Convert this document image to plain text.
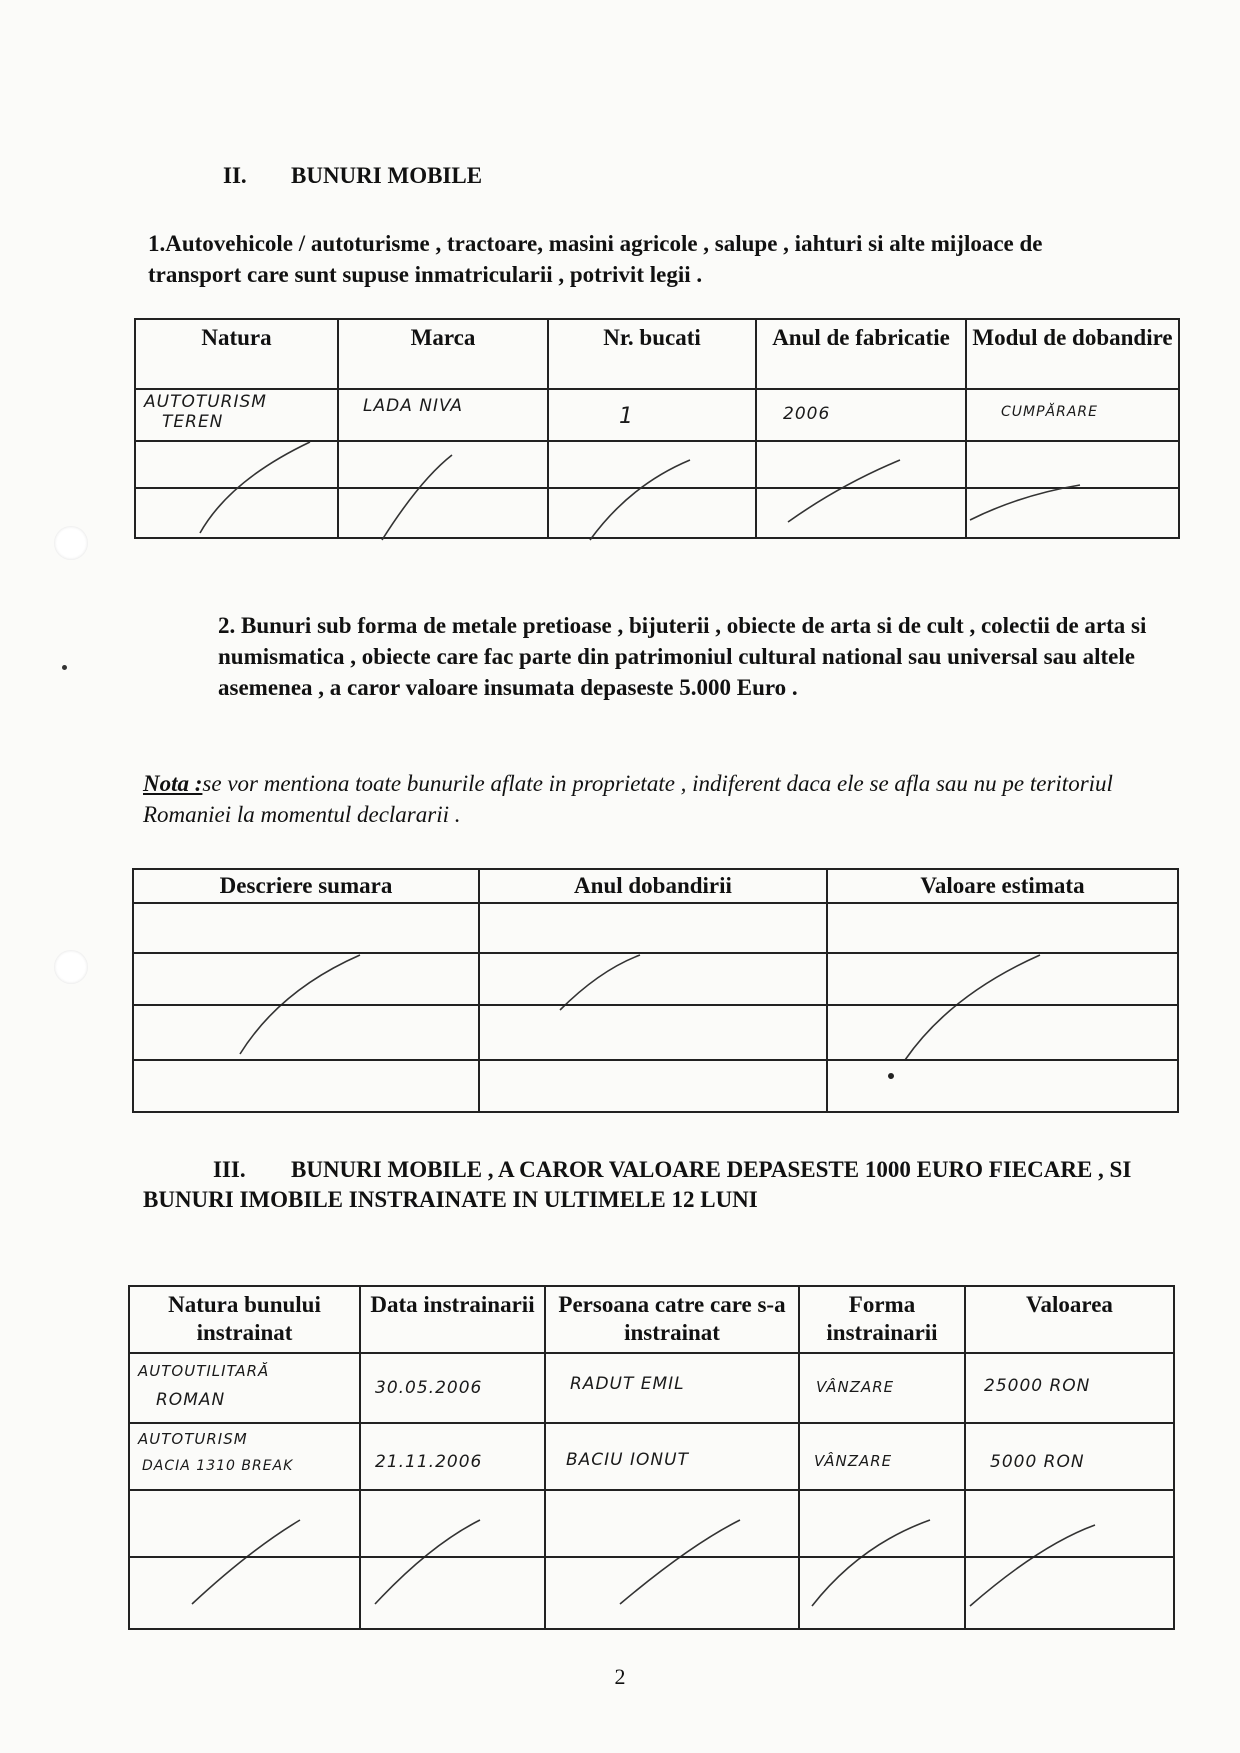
II. BUNURI MOBILE
1.Autovehicole / autoturisme , tractoare, masini agricole , salupe , iahturi si alte mijloace de transport care sunt supuse inmatricularii , potrivit legii .
Natura	Marca	Nr. bucati	Anul de fabricatie	Modul de dobandire

AUTOTURISM
TEREN	LADA NIVA	1	2006	CUMPĂRARE

2. Bunuri sub forma de metale pretioase , bijuterii , obiecte de arta si de cult , colectii de arta si numismatica , obiecte care fac parte din patrimoniul cultural national sau universal sau altele asemenea , a caror valoare insumata depaseste 5.000 Euro .
Nota :se vor mentiona toate bunurile aflate in proprietate , indiferent daca ele se afla sau nu pe teritoriul Romaniei la momentul declararii .
Descriere sumara	Anul dobandirii	Valoare estimata

III. BUNURI MOBILE , A CAROR VALOARE DEPASESTE 1000 EURO FIECARE , SI BUNURI IMOBILE INSTRAINATE IN ULTIMELE 12 LUNI
Natura bunului instrainat	Data instrainarii	Persoana catre care s-a instrainat	Forma instrainarii	Valoarea

AUTOUTILITARĂ
ROMAN	30.05.2006	RADUT EMIL	VÂNZARE	25000 RON

AUTOTURISM
DACIA 1310 BREAK	21.11.2006	BACIU IONUT	VÂNZARE	5000 RON

2
